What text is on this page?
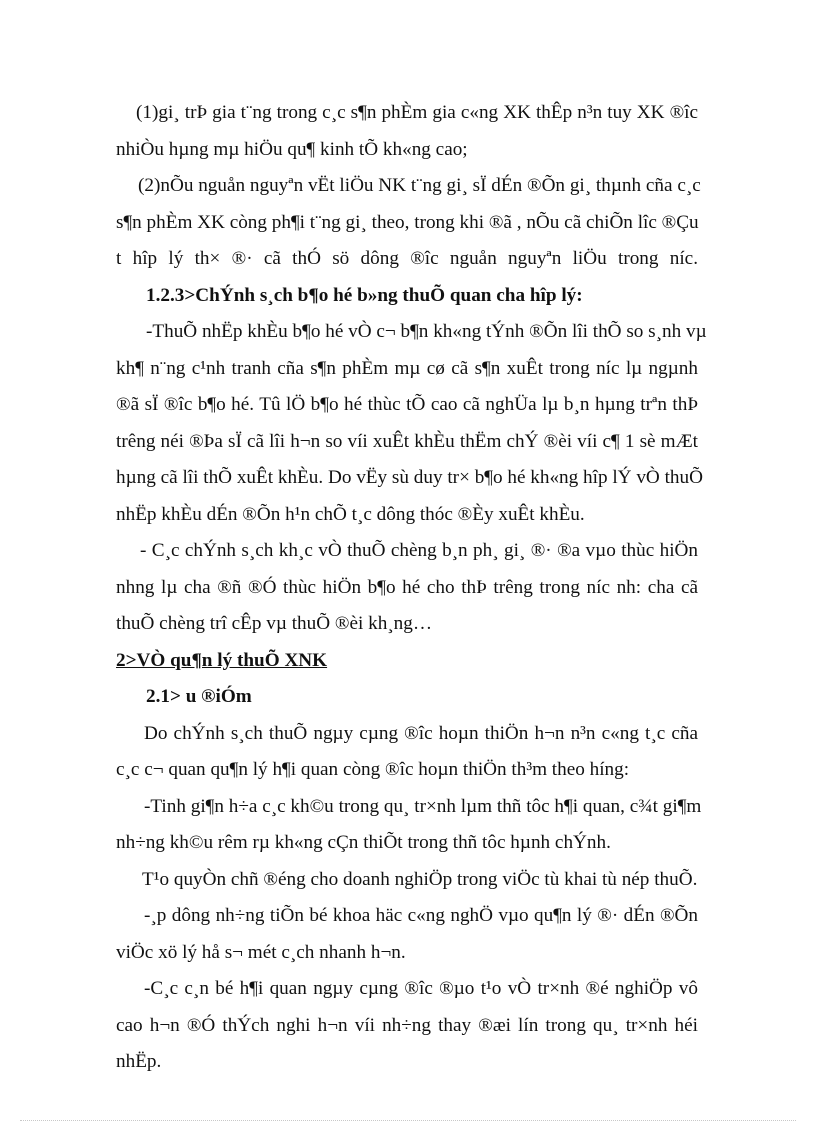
(1)gi¸ trÞ gia t¨ng trong c¸c s¶n phÈm gia c«ng XK thÊp n³n tuy XK ®îc
nhiÒu hµng mµ hiÖu qu¶ kinh tÕ kh«ng cao;
(2)nÕu nguån nguyªn vËt liÖu NK t¨ng gi¸ sÏ dÉn ®Õn gi¸ thµnh cña c¸c
s¶n phÈm XK còng ph¶i t¨ng gi¸ theo, trong khi ®ã , nÕu cã chiÕn lîc ®Çu
t hîp lý th× ®· cã thÓ sö dông ®îc nguån nguyªn liÖu trong níc.
1.2.3>ChÝnh s¸ch b¶o hé b»ng thuÕ quan cha hîp lý:
-ThuÕ nhËp khÈu b¶o hé vÒ c¬ b¶n kh«ng tÝnh ®Õn lîi thÕ so s¸nh vµ
kh¶ n¨ng c¹nh tranh cña s¶n phÈm mµ cø cã s¶n xuÊt trong níc lµ ngµnh
®ã sÏ ®îc b¶o hé. Tû lÖ b¶o hé thùc tÕ cao cã nghÜa lµ b¸n hµng trªn thÞ
trêng néi ®Þa sÏ cã lîi h¬n so víi xuÊt khÈu thËm chÝ ®èi víi c¶ 1 sè mÆt
hµng cã lîi thÕ xuÊt khÈu. Do vËy sù duy tr× b¶o hé kh«ng hîp lÝ vÒ thuÕ
nhËp khÈu dÉn ®Õn h¹n chÕ t¸c dông thóc ®Èy xuÊt khÈu.
- C¸c chÝnh s¸ch kh¸c vÒ thuÕ chèng b¸n ph¸ gi¸ ®· ®a vµo thùc hiÖn
nhng lµ cha ®ñ ®Ó thùc hiÖn b¶o hé cho thÞ trêng trong níc nh: cha cã
thuÕ chèng trî cÊp vµ thuÕ ®èi kh¸ng…
2>VÒ qu¶n lý thuÕ XNK
2.1> u ®iÓm
Do chÝnh s¸ch thuÕ ngµy cµng ®îc hoµn thiÖn h¬n n³n c«ng t¸c cña
c¸c c¬ quan qu¶n lý h¶i quan còng ®îc hoµn thiÖn th³m theo híng:
-Tinh gi¶n h÷a c¸c kh©u trong qu¸ tr×nh lµm thñ tôc h¶i quan, c¾t gi¶m
nh÷ng kh©u rêm rµ kh«ng cÇn thiÕt trong thñ tôc hµnh chÝnh.
T¹o quyÒn chñ ®éng cho doanh nghiÖp trong viÖc tù khai tù nép thuÕ.
-¸p dông nh÷ng tiÕn bé khoa häc c«ng nghÖ vµo qu¶n lý ®· dÉn ®Õn
viÖc xö lý hå s¬ mét c¸ch nhanh h¬n.
-C¸c c¸n bé h¶i quan ngµy cµng ®îc ®µo t¹o vÒ tr×nh ®é nghiÖp vô
cao h¬n ®Ó thÝch nghi h¬n víi nh÷ng thay ®æi lín trong qu¸ tr×nh héi
nhËp.
